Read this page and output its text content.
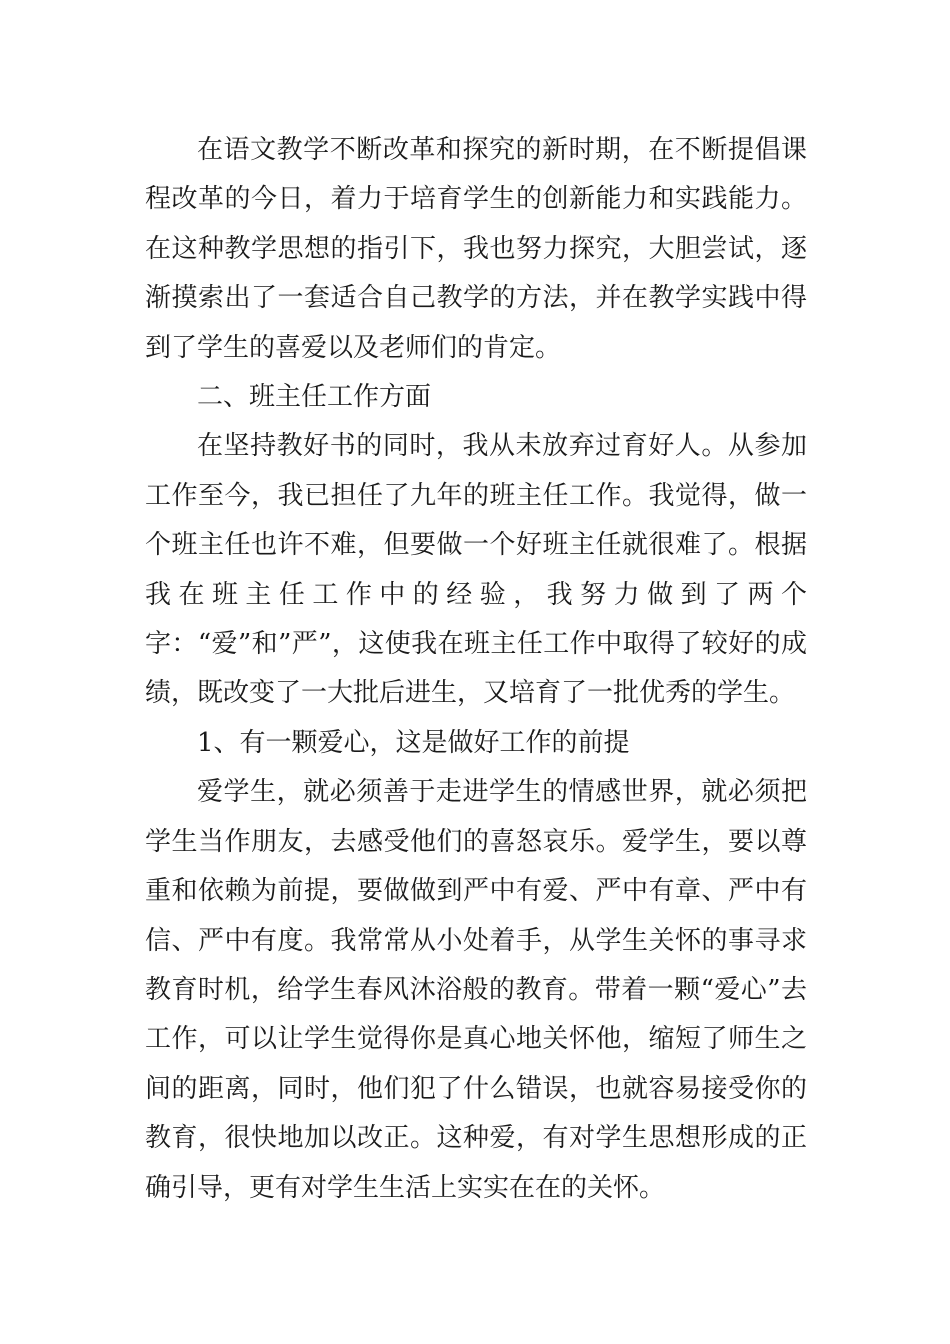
在语文教学不断改革和探究的新时期，在不断提倡课程改革的今日，着力于培育学生的创新能力和实践能力。在这种教学思想的指引下，我也努力探究，大胆尝试，逐渐摸索出了一套适合自己教学的方法，并在教学实践中得到了学生的喜爱以及老师们的肯定。

二、班主任工作方面

在坚持教好书的同时，我从未放弃过育好人。从参加工作至今，我已担任了九年的班主任工作。我觉得，做一个班主任也许不难，但要做一个好班主任就很难了。根据我在班主任工作中的经验，我努力做到了两个字：“爱”和”严”，这使我在班主任工作中取得了较好的成绩，既改变了一大批后进生，又培育了一批优秀的学生。

1、有一颗爱心，这是做好工作的前提

爱学生，就必须善于走进学生的情感世界，就必须把学生当作朋友，去感受他们的喜怒哀乐。爱学生，要以尊重和依赖为前提，要做做到严中有爱、严中有章、严中有信、严中有度。我常常从小处着手，从学生关怀的事寻求教育时机，给学生春风沐浴般的教育。带着一颗“爱心”去工作，可以让学生觉得你是真心地关怀他，缩短了师生之间的距离，同时，他们犯了什么错误，也就容易接受你的教育，很快地加以改正。这种爱，有对学生思想形成的正确引导，更有对学生生活上实实在在的关怀。
